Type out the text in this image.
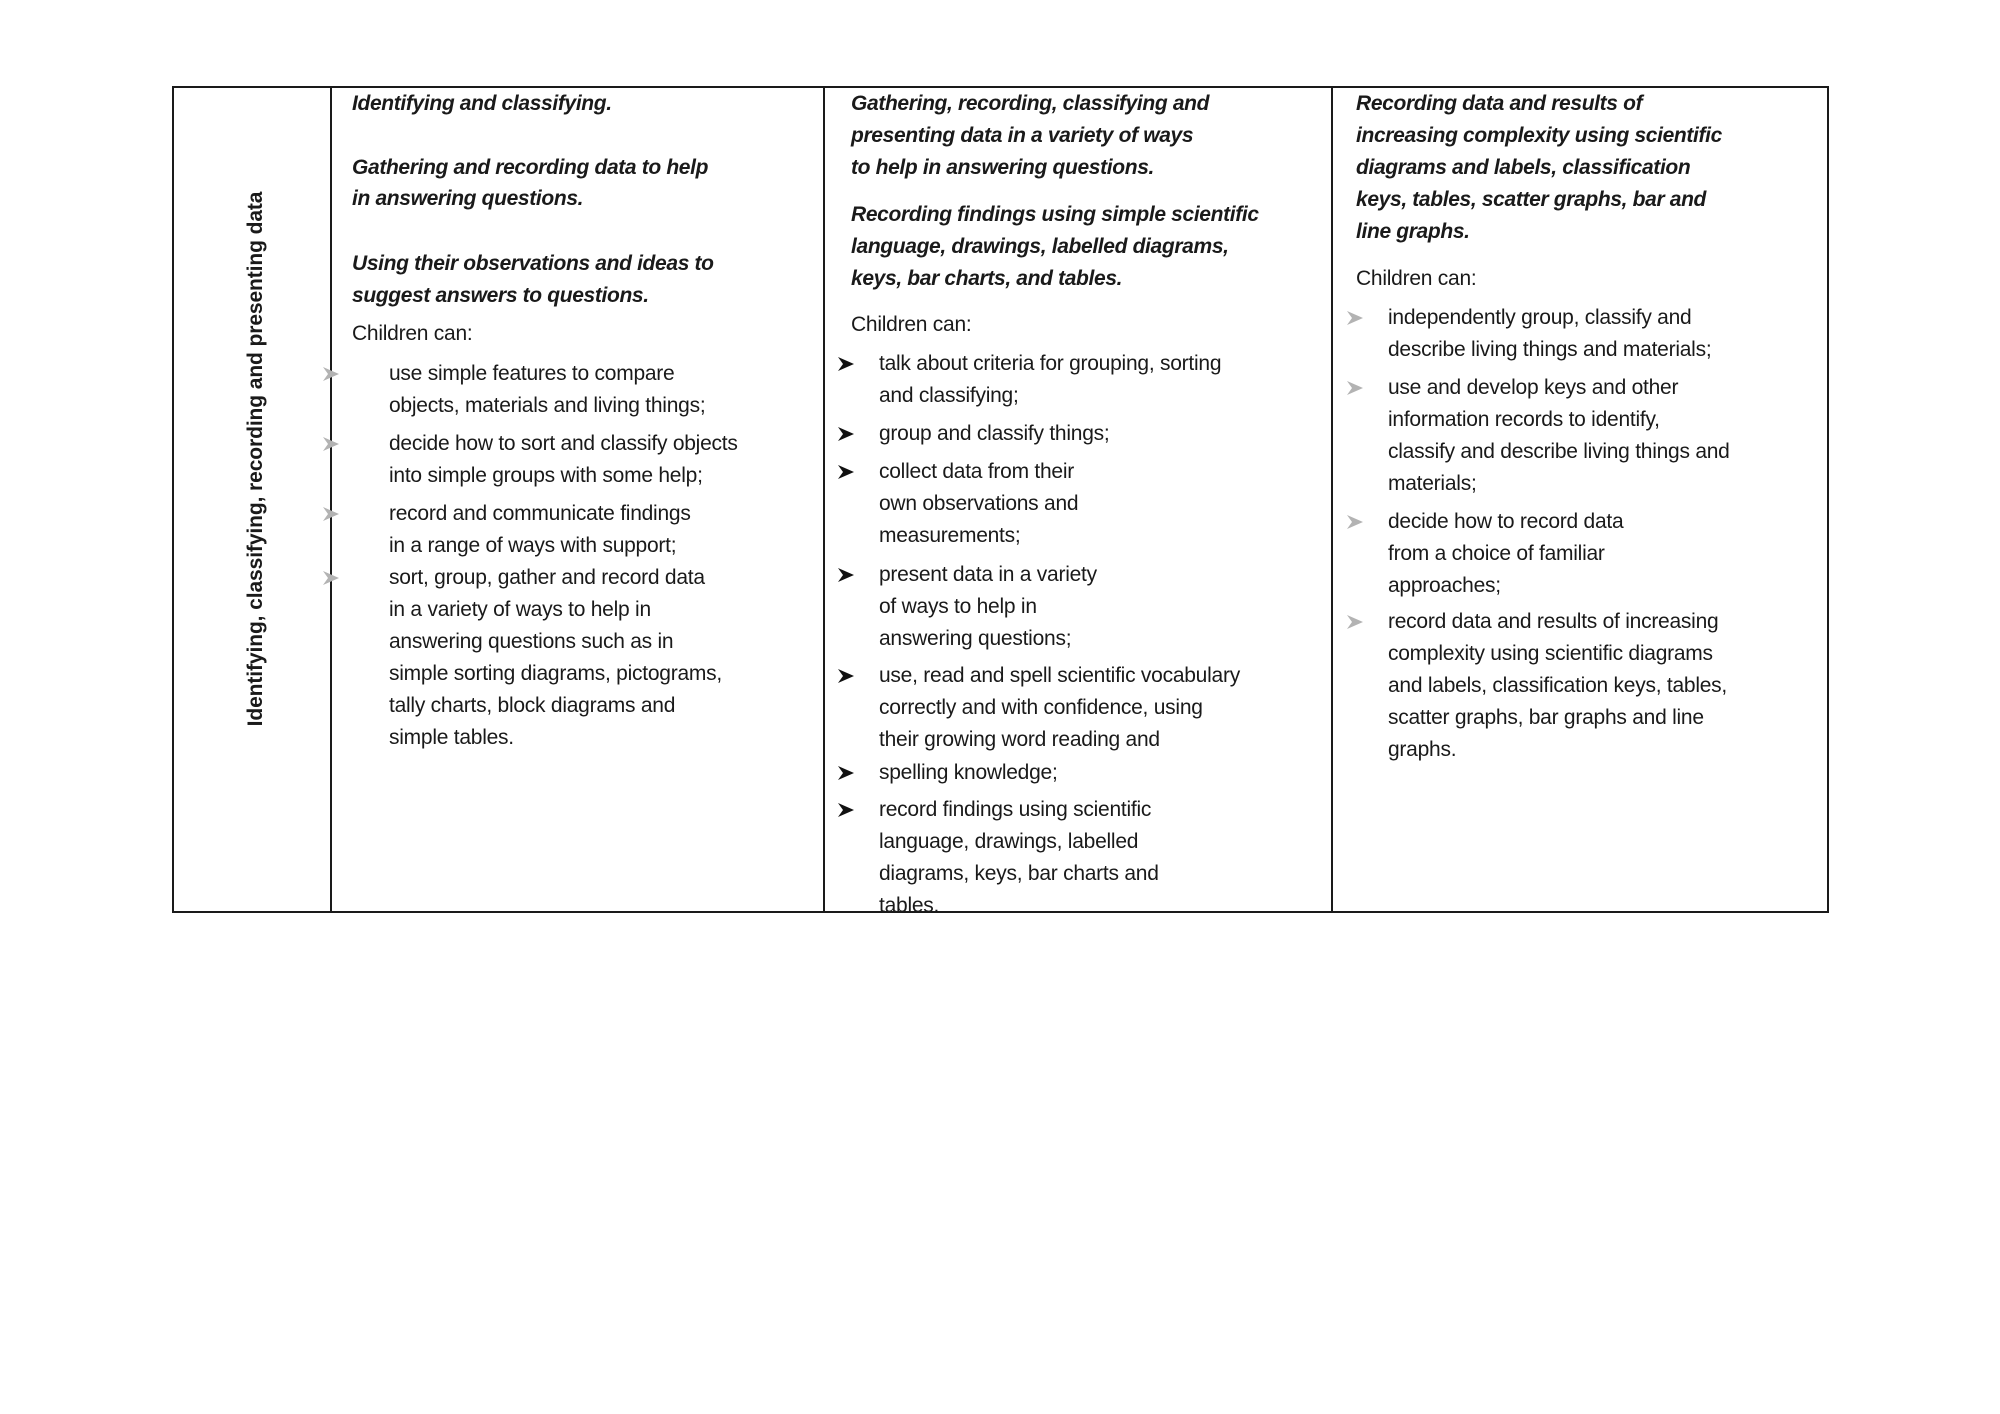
Identifying, classifying, recording and presenting data
Identifying and classifying.
Gathering and recording data to help
in answering questions.
Using their observations and ideas to
suggest answers to questions.
Children can:
use simple features to compare
objects, materials and living things;
decide how to sort and classify objects
into simple groups with some help;
record and communicate findings
in a range of ways with support;
sort, group, gather and record data
in a variety of ways to help in
answering questions such as in
simple sorting diagrams, pictograms,
tally charts, block diagrams and
simple tables.
Gathering, recording, classifying and
presenting data in a variety of ways
to help in answering questions.
Recording findings using simple scientific
language, drawings, labelled diagrams,
keys, bar charts, and tables.
Children can:
talk about criteria for grouping, sorting
and classifying;
group and classify things;
collect data from their
own observations and
measurements;
present data in a variety
of ways to help in
answering questions;
use, read and spell scientific vocabulary
correctly and with confidence, using
their growing word reading and
spelling knowledge;
record findings using scientific
language, drawings, labelled
diagrams, keys, bar charts and
tables.
Recording data and results of
increasing complexity using scientific
diagrams and labels, classification
keys, tables, scatter graphs, bar and
line graphs.
Children can:
independently group, classify and
describe living things and materials;
use and develop keys and other
information records to identify,
classify and describe living things and
materials;
decide how to record data
from a choice of familiar
approaches;
record data and results of increasing
complexity using scientific diagrams
and labels, classification keys, tables,
scatter graphs, bar graphs and line
graphs.
